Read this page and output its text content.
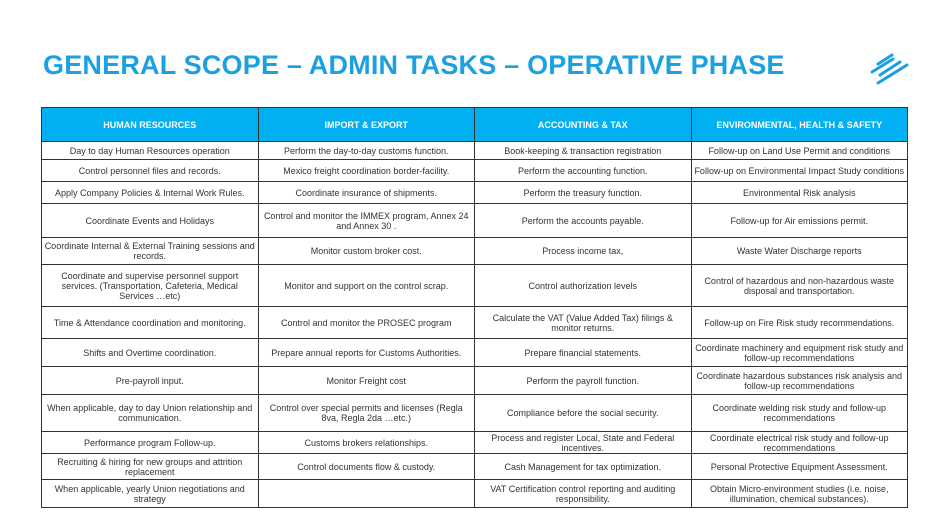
GENERAL SCOPE – ADMIN TASKS – OPERATIVE PHASE
HUMAN RESOURCES	IMPORT & EXPORT	ACCOUNTING & TAX	ENVIRONMENTAL, HEALTH & SAFETY
Day to day Human Resources operation	Perform the day-to-day customs function.	Book-keeping & transaction registration	Follow-up on Land Use Permit and conditions
Control personnel files and records.	Mexico freight coordination border-facility.	Perform the accounting function.	Follow-up on Environmental Impact Study conditions
Apply Company Policies & Internal Work Rules.	Coordinate insurance of shipments.	Perform the treasury function.	Environmental Risk analysis
Coordinate Events and Holidays	Control and monitor the IMMEX program, Annex 24 and Annex 30 .	Perform the accounts payable.	Follow-up for Air emissions permit.
Coordinate Internal & External Training sessions and records.	Monitor custom broker cost.	Process income tax,	Waste Water Discharge reports
Coordinate and supervise personnel support services. (Transportation, Cafeteria, Medical Services …etc)	Monitor and support on the control scrap.	Control authorization levels	Control of hazardous and non-hazardous waste disposal and transportation.
Time & Attendance coordination and monitoring.	Control and monitor the PROSEC program	Calculate the VAT (Value Added Tax) filings & monitor returns.	Follow-up on Fire Risk study recommendations.
Shifts and Overtime coordination.	Prepare annual reports for Customs Authorities.	Prepare financial statements.	Coordinate machinery and equipment risk study and follow-up recommendations
Pre-payroll input.	Monitor Freight cost	Perform the payroll function.	Coordinate hazardous substances risk analysis and follow-up recommendations
When applicable, day to day Union relationship and communication.	Control over special permits and licenses (Regla 8va, Regla 2da …etc.)	Compliance before the social security.	Coordinate welding risk study and follow-up recommendations
Performance program Follow-up.	Customs brokers relationships.	Process and register Local, State and Federal incentives.	Coordinate electrical risk study and follow-up recommendations
Recruiting & hiring for new groups and attrition replacement	Control documents flow & custody.	Cash Management for tax optimization.	Personal Protective Equipment Assessment.
When applicable, yearly Union negotiations and strategy		VAT Certification control reporting and auditing responsibility.	Obtain Micro-environment studies (i.e. noise, illumination, chemical substances).
